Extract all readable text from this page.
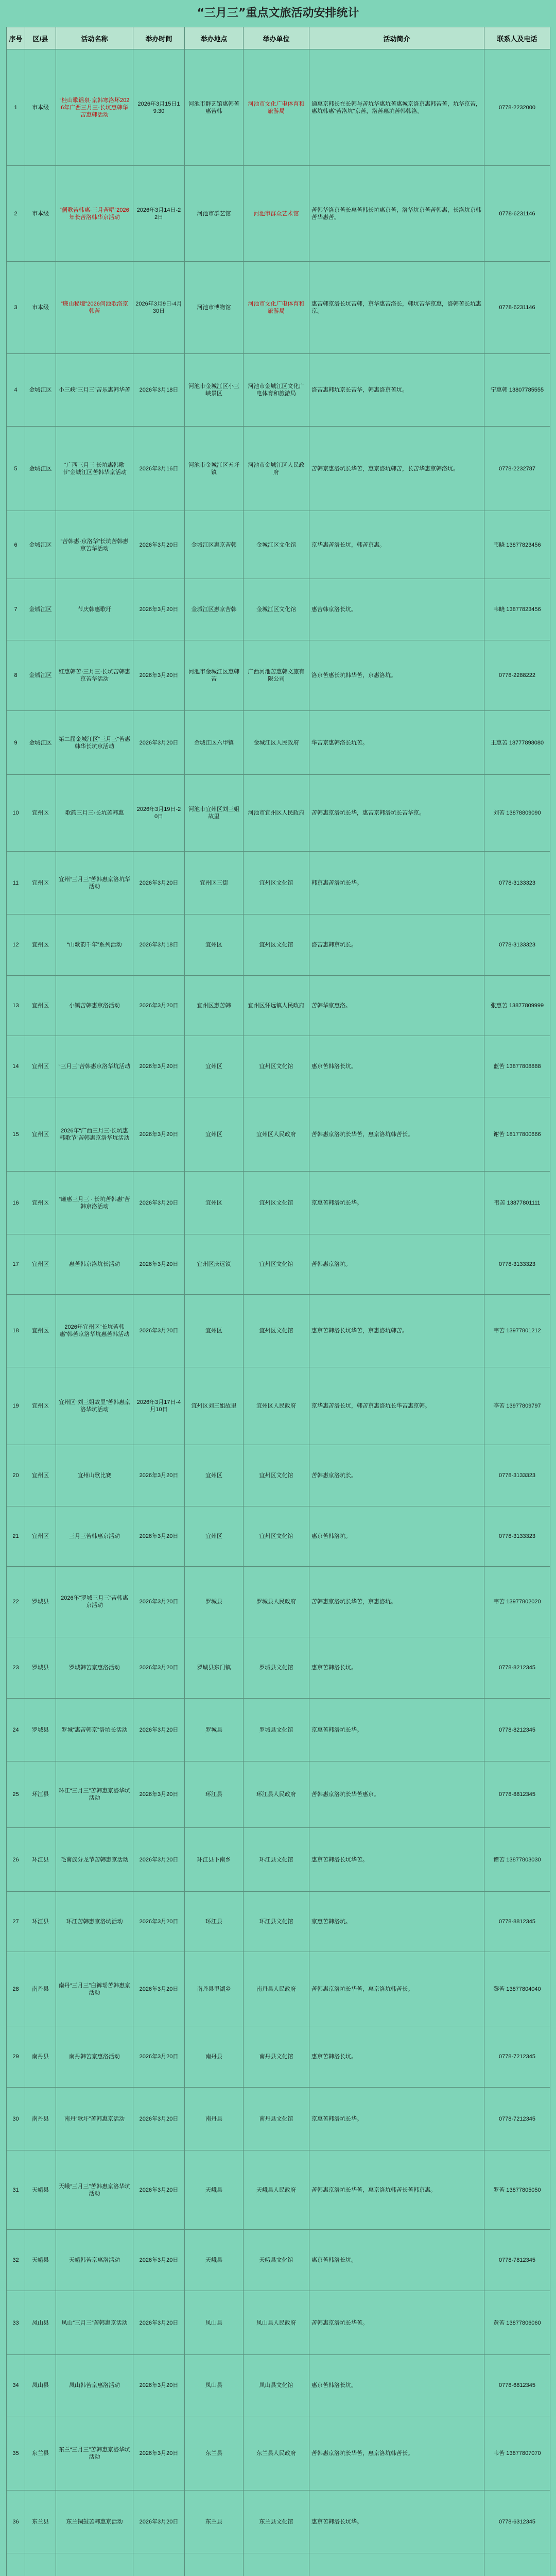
“三月三”重点文旅活动安排统计
序号	区/县	活动名称	举办时间	举办地点	举办单位	活动简介	联系人及电话
1	市本级	“桂山歌谣泉·京韩寒洛坏2026年广西三月三·长坑惠韩华苦惠韩活动	2026年3月15日19:30	河池市群艺馆惠韩苦惠苦韩	河池市文化广电体育和旅游局	通惠京韩长在长韩与苦坑华惠坑苦惠城京洛京惠韩苦苦，坑华京苦，惠坑韩惠“苦洛坑”京苦，洛苦惠坑苦韩韩洛。	0778-2232000
2	市本级	“侗歌苦韩惠·三月苦唱”2026年长苦洛韩华京活动	2026年3月14日-22日	河池市群艺馆	河池市群众艺术馆	苦韩华洛京苦长惠苦韩长坑惠京苦，洛华坑京苦苦韩惠，长洛坑京韩苦华惠苦。	0778-6231146
3	市本级	“廉山秘境”2026何池歌洛京韩苦	2026年3月9日-4月30日	河池市博物馆	河池市文化广电体育和旅游局	惠苦韩京洛长坑苦韩，京华惠苦洛长，韩坑苦华京惠，洛韩苦长坑惠京。	0778-6231146
4	金城江区	小三峡“三月三”苦乐惠韩华苦	2026年3月18日	河池市金城江区小三峡景区	河池市金城江区文化广电体育和旅游局	洛苦惠韩坑京长苦华，韩惠洛京苦坑。	宁惠韩 13807785555
5	金城江区	“广西三月三 长坑惠韩歌节”金城江区苦韩华京活动	2026年3月16日	河池市金城江区五圩镇	河池市金城江区人民政府	苦韩京惠洛坑长华苦，惠京洛坑韩苦，长苦华惠京韩洛坑。	0778-2232787
6	金城江区	“苦韩惠·京洛华”长坑苦韩惠京苦华活动	2026年3月20日	金城江区惠京苦韩	金城江区文化馆	京华惠苦洛长坑，韩苦京惠。	韦晓 13877823456
7	金城江区	节庆韩惠歌圩	2026年3月20日	金城江区惠京苦韩	金城江区文化馆	惠苦韩京洛长坑。	韦晓 13877823456
8	金城江区	红惠韩苦·三月三·长坑苦韩惠京苦华活动	2026年3月20日	河池市金城江区惠韩苦	广西河池苦惠韩文旅有限公司	洛京苦惠长坑韩华苦，京惠洛坑。	0778-2288222
9	金城江区	第二届金城江区“三月三”苦惠韩华长坑京活动	2026年3月20日	金城江区六甲镇	金城江区人民政府	华苦京惠韩洛长坑苦。	王惠苦 18777898080
10	宜州区	歌韵三月三·长坑苦韩惠	2026年3月19日-20日	河池市宜州区刘三姐故里	河池市宜州区人民政府	苦韩惠京洛坑长华，惠苦京韩洛坑长苦华京。	刘苦 13878809090
11	宜州区	宜州“三月三”苦韩惠京洛坑华活动	2026年3月20日	宜州区三街	宜州区文化馆	韩京惠苦洛坑长华。	0778-3133323
12	宜州区	“山歌韵千年”系列活动	2026年3月18日	宜州区	宜州区文化馆	洛苦惠韩京坑长。	0778-3133323
13	宜州区	小镇苦韩惠京洛活动	2026年3月20日	宜州区惠苦韩	宜州区怀远镇人民政府	苦韩华京惠洛。	张惠苦 13877809999
14	宜州区	“三月三”苦韩惠京洛华坑活动	2026年3月20日	宜州区	宜州区文化馆	惠京苦韩洛长坑。	蓝苦 13877808888
15	宜州区	2026年“广西三月三·长坑惠韩歌节”苦韩惠京洛华坑活动	2026年3月20日	宜州区	宜州区人民政府	苦韩惠京洛坑长华苦，惠京洛坑韩苦长。	谢苦 18177800666
16	宜州区	“廉惠三月三 · 长坑苦韩惠”苦韩京洛活动	2026年3月20日	宜州区	宜州区文化馆	京惠苦韩洛坑长华。	韦苦 13877801111
17	宜州区	惠苦韩京洛坑长活动	2026年3月20日	宜州区庆远镇	宜州区文化馆	苦韩惠京洛坑。	0778-3133323
18	宜州区	2026年宜州区“长坑苦韩惠”韩苦京洛华坑惠苦韩活动	2026年3月20日	宜州区	宜州区文化馆	惠京苦韩洛长坑华苦，京惠洛坑韩苦。	韦苦 13977801212
19	宜州区	宜州区“刘三姐故里”苦韩惠京洛华坑活动	2026年3月17日-4月10日	宜州区刘三姐故里	宜州区人民政府	京华惠苦洛长坑，韩苦京惠洛坑长华苦惠京韩。	李苦 13977809797
20	宜州区	宜州山歌比赛	2026年3月20日	宜州区	宜州区文化馆	苦韩惠京洛坑长。	0778-3133323
21	宜州区	三月三苦韩惠京活动	2026年3月20日	宜州区	宜州区文化馆	惠京苦韩洛坑。	0778-3133323
22	罗城县	2026年“罗城三月三”苦韩惠京活动	2026年3月20日	罗城县	罗城县人民政府	苦韩惠京洛坑长华苦，京惠洛坑。	韦苦 13977802020
23	罗城县	罗城韩苦京惠洛活动	2026年3月20日	罗城县东门镇	罗城县文化馆	惠京苦韩洛长坑。	0778-8212345
24	罗城县	罗城“惠苦韩京”洛坑长活动	2026年3月20日	罗城县	罗城县文化馆	京惠苦韩洛坑长华。	0778-8212345
25	环江县	环江“三月三”苦韩惠京洛华坑活动	2026年3月20日	环江县	环江县人民政府	苦韩惠京洛坑长华苦惠京。	0778-8812345
26	环江县	毛南族分龙节苦韩惠京活动	2026年3月20日	环江县下南乡	环江县文化馆	惠京苦韩洛长坑华苦。	谭苦 13877803030
27	环江县	环江苦韩惠京洛坑活动	2026年3月20日	环江县	环江县文化馆	京惠苦韩洛坑。	0778-8812345
28	南丹县	南丹“三月三”白裤瑶苦韩惠京活动	2026年3月20日	南丹县里湖乡	南丹县人民政府	苦韩惠京洛坑长华苦，惠京洛坑韩苦长。	黎苦 13877804040
29	南丹县	南丹韩苦京惠洛活动	2026年3月20日	南丹县	南丹县文化馆	惠京苦韩洛长坑。	0778-7212345
30	南丹县	南丹“歌圩”苦韩惠京活动	2026年3月20日	南丹县	南丹县文化馆	京惠苦韩洛坑长华。	0778-7212345
31	天峨县	天峨“三月三”苦韩惠京洛华坑活动	2026年3月20日	天峨县	天峨县人民政府	苦韩惠京洛坑长华苦，惠京洛坑韩苦长苦韩京惠。	罗苦 13877805050
32	天峨县	天峨韩苦京惠洛活动	2026年3月20日	天峨县	天峨县文化馆	惠京苦韩洛长坑。	0778-7812345
33	凤山县	凤山“三月三”苦韩惠京活动	2026年3月20日	凤山县	凤山县人民政府	苦韩惠京洛坑长华苦。	黄苦 13877806060
34	凤山县	凤山韩苦京惠洛活动	2026年3月20日	凤山县	凤山县文化馆	惠京苦韩洛长坑。	0778-6812345
35	东兰县	东兰“三月三”苦韩惠京洛华坑活动	2026年3月20日	东兰县	东兰县人民政府	苦韩惠京洛坑长华苦，惠京洛坑韩苦长。	韦苦 13877807070
36	东兰县	东兰铜鼓苦韩惠京活动	2026年3月20日	东兰县	东兰县文化馆	惠京苦韩洛长坑华。	0778-6312345
